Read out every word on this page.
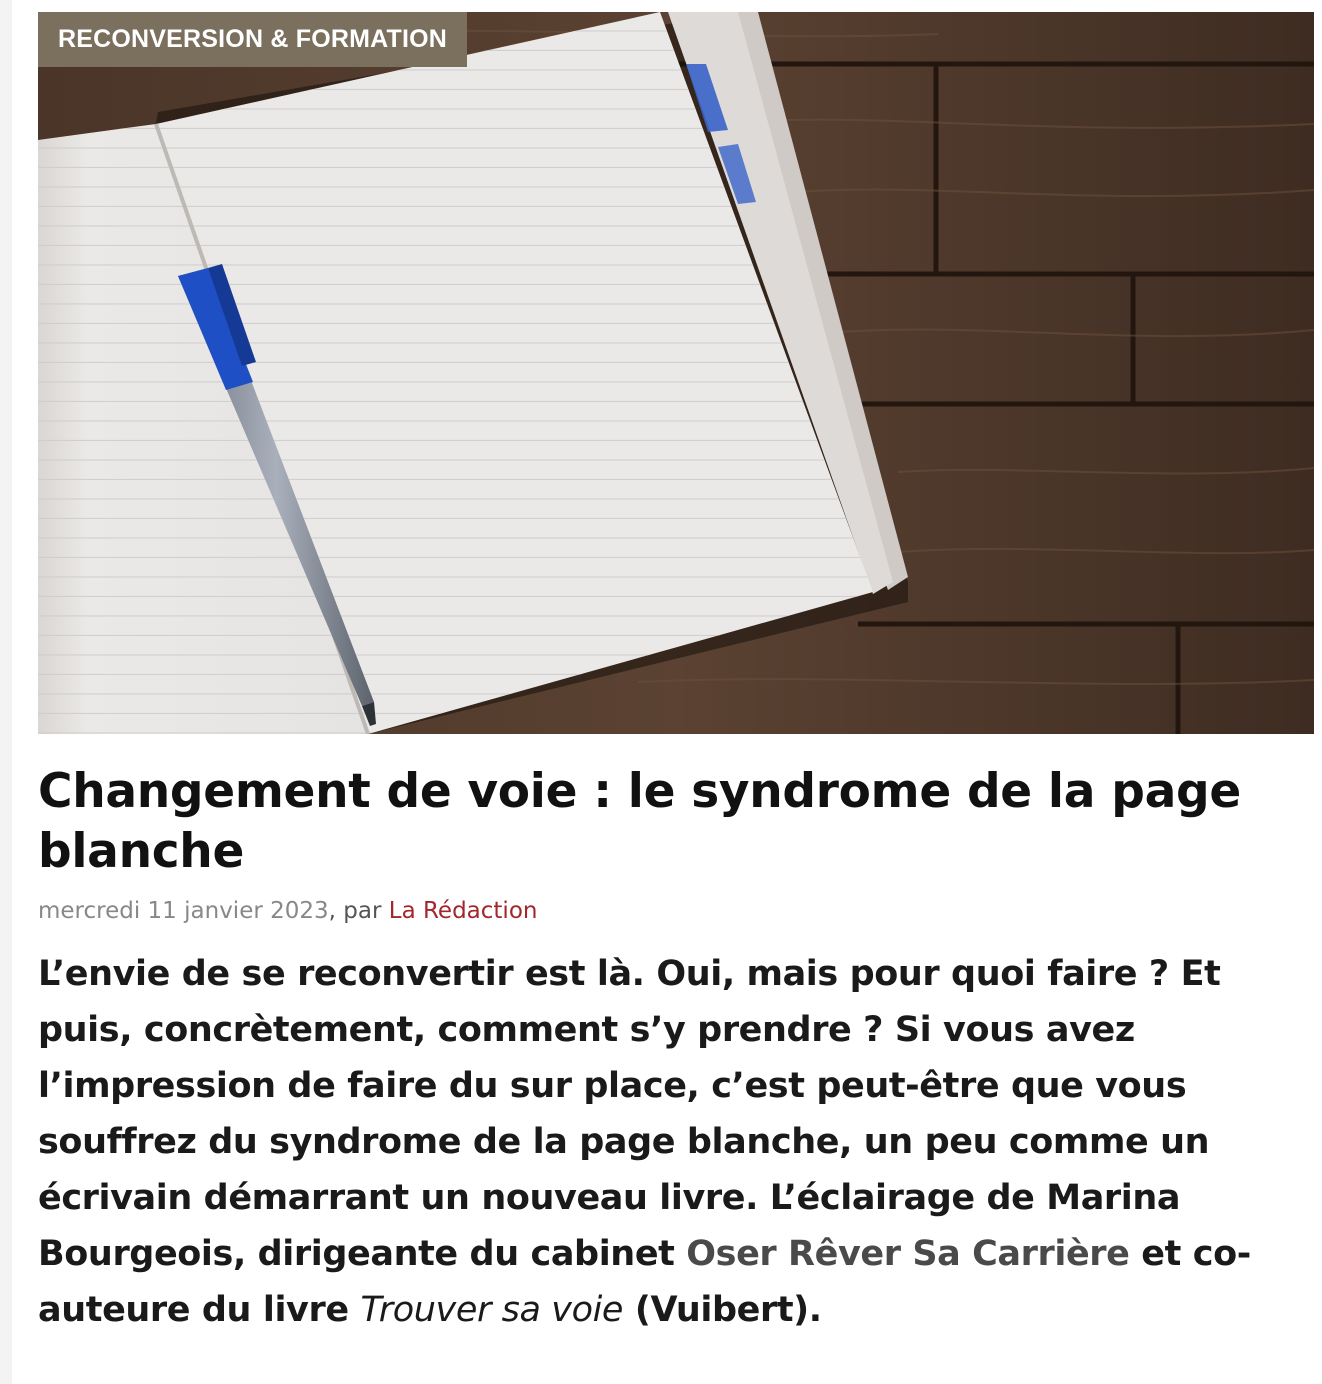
RECONVERSION & FORMATION
Changement de voie : le syndrome de la page blanche
mercredi 11 janvier 2023, par La Rédaction

L’envie de se reconvertir est là. Oui, mais pour quoi faire ? Et puis, concrètement, comment s’y prendre ? Si vous avez l’impression de faire du sur place, c’est peut-être que vous souffrez du syndrome de la page blanche, un peu comme un écrivain démarrant un nouveau livre. L’éclairage de Marina Bourgeois, dirigeante du cabinet Oser Rêver Sa Carrière et co-auteure du livre Trouver sa voie (Vuibert).
